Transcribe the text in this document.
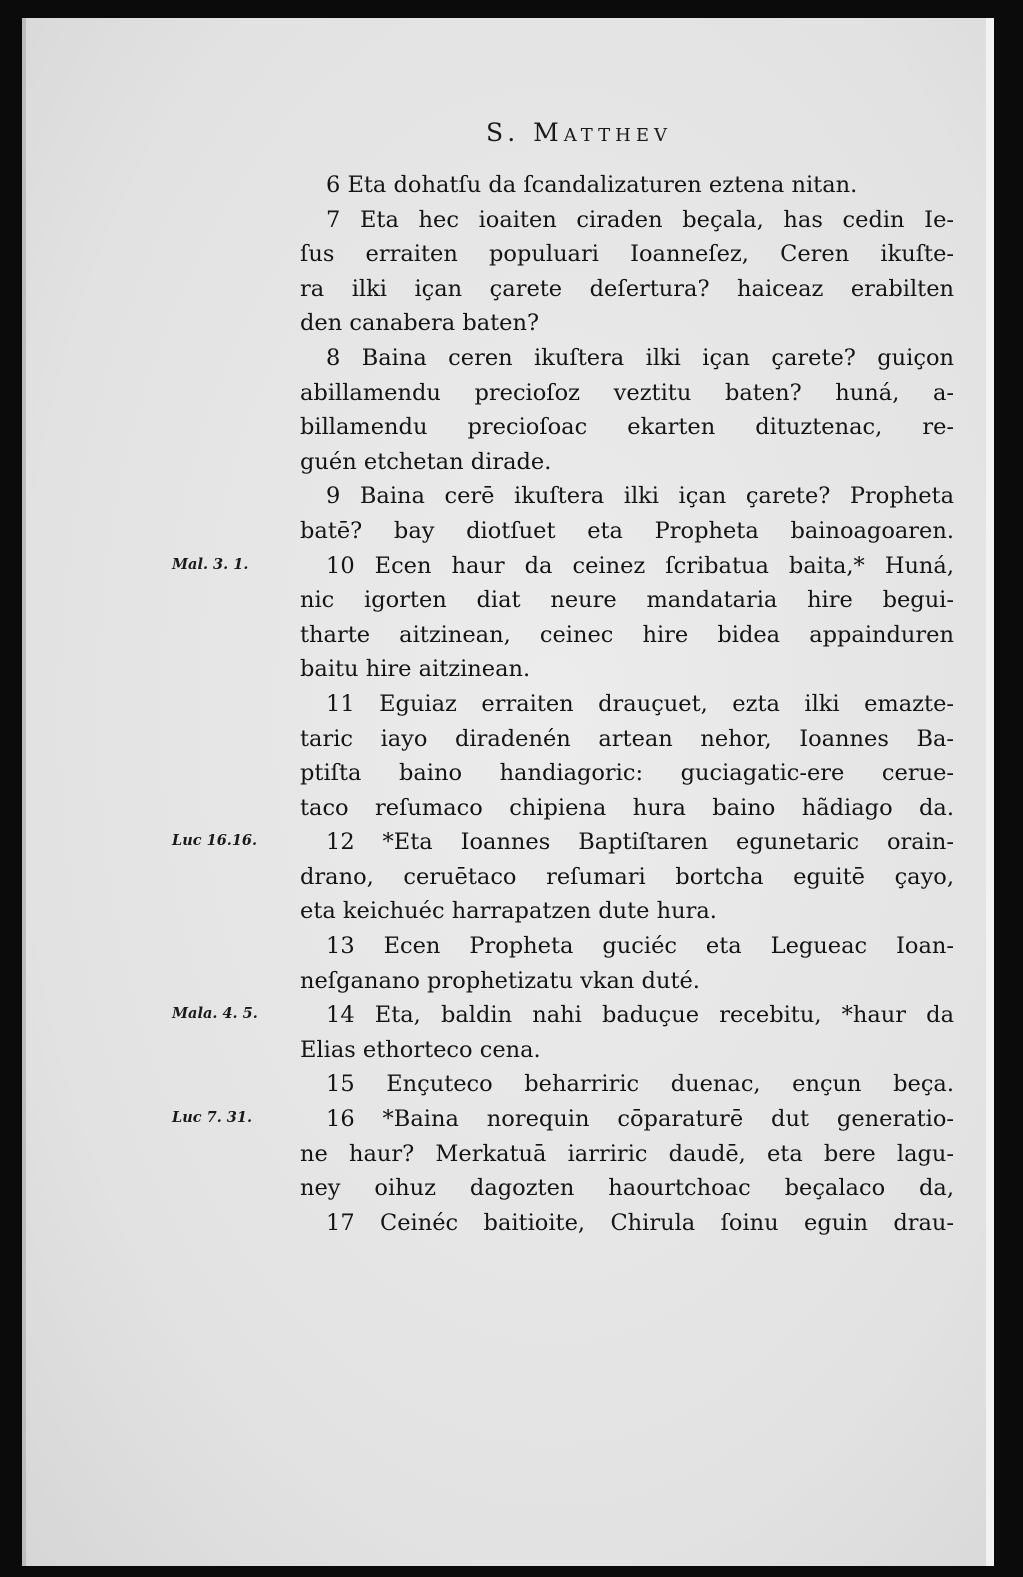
S. Matthev
6 Eta dohatſu da ſcandalizaturen eztena nitan.
7 Eta hec ioaiten ciraden beçala, has cedin Ie-
ſus erraiten populuari Ioanneſez, Ceren ikuſte-
ra ilki içan çarete deſertura? haiceaz erabilten
den canabera baten?
8 Baina ceren ikuſtera ilki içan çarete? guiçon
abillamendu precioſoz veztitu baten? huná, a-
billamendu precioſoac ekarten dituztenac, re-
guén etchetan dirade.
9 Baina cerē ikuſtera ilki içan çarete? Propheta
batē? bay diotſuet eta Propheta bainoagoaren.
10 Ecen haur da ceinez ſcribatua baita,* Huná,
nic igorten diat neure mandataria hire begui-
tharte aitzinean, ceinec hire bidea appainduren
baitu hire aitzinean.
11 Eguiaz erraiten drauçuet, ezta ilki emazte-
taric iayo diradenén artean nehor, Ioannes Ba-
ptiſta baino handiagoric: guciagatic-ere cerue-
taco reſumaco chipiena hura baino hãdiago da.
12 *Eta Ioannes Baptiſtaren egunetaric orain-
drano, ceruētaco reſumari bortcha eguitē çayo,
eta keichuéc harrapatzen dute hura.
13 Ecen Propheta guciéc eta Legueac Ioan-
neſganano prophetizatu vkan duté.
14 Eta, baldin nahi baduçue recebitu, *haur da
Elias ethorteco cena.
15 Ençuteco beharriric duenac, ençun beça.
16 *Baina norequin cōparaturē dut generatio-
ne haur? Merkatuā iarriric daudē, eta bere lagu-
ney oihuz dagozten haourtchoac beçalaco da,
17 Ceinéc baitioite, Chirula ſoinu eguin drau-
Mal. 3. 1.
Luc 16.16.
Mala. 4. 5.
Luc 7. 31.
